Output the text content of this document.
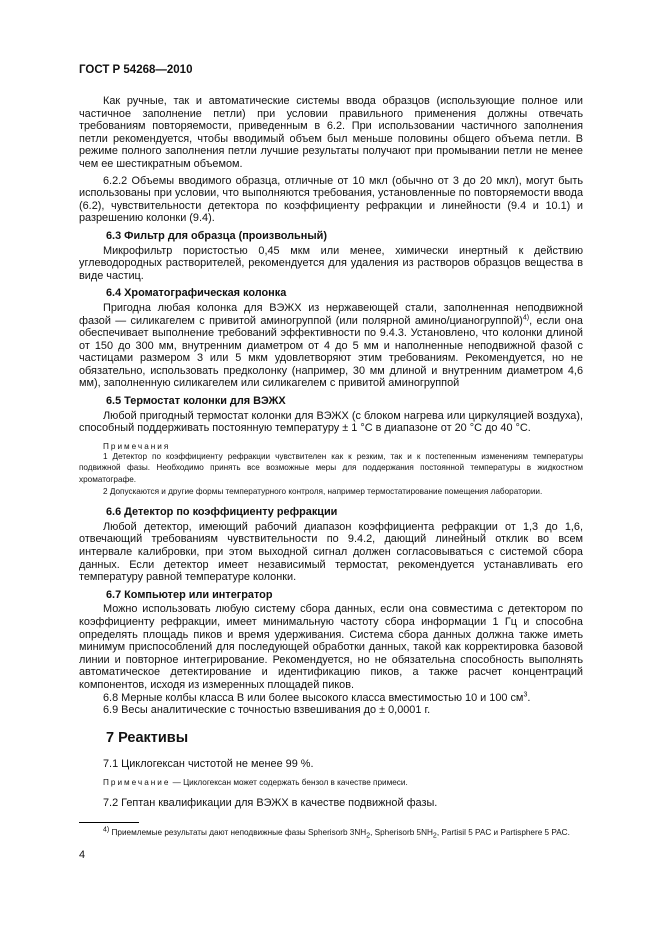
ГОСТ Р 54268—2010

Как ручные, так и автоматические системы ввода образцов (использующие полное или частичное заполнение петли) при условии правильного применения должны отвечать требованиям повторяемости, приведенным в 6.2. При использовании частичного заполнения петли рекомендуется, чтобы вводимый объем был меньше половины общего объема петли. В режиме полного заполнения петли лучшие результаты получают при промывании петли не менее чем ее шестикратным объемом.

6.2.2 Объемы вводимого образца, отличные от 10 мкл (обычно от 3 до 20 мкл), могут быть использованы при условии, что выполняются требования, установленные по повторяемости ввода (6.2), чувствительности детектора по коэффициенту рефракции и линейности (9.4 и 10.1) и разрешению колонки (9.4).

6.3 Фильтр для образца (произвольный)

Микрофильтр пористостью 0,45 мкм или менее, химически инертный к действию углеводородных растворителей, рекомендуется для удаления из растворов образцов вещества в виде частиц.

6.4 Хроматографическая колонка

Пригодна любая колонка для ВЭЖХ из нержавеющей стали, заполненная неподвижной фазой — силикагелем с привитой аминогруппой (или полярной амино/цианогруппой)$^{4)}$, если она обеспечивает выполнение требований эффективности по 9.4.3. Установлено, что колонки длиной от 150 до 300 мм, внутренним диаметром от 4 до 5 мм и наполненные неподвижной фазой с частицами размером 3 или 5 мкм удовлетворяют этим требованиям. Рекомендуется, но не обязательно, использовать предколонку (например, 30 мм длиной и внутренним диаметром 4,6 мм), заполненную силикагелем или силикагелем с привитой аминогруппой

6.5 Термостат колонки для ВЭЖХ

Любой пригодный термостат колонки для ВЭЖХ (с блоком нагрева или циркуляцией воздуха), способный поддерживать постоянную температуру ± 1 °С в диапазоне от 20 °С до 40 °С.

Примечания

1 Детектор по коэффициенту рефракции чувствителен как к резким, так и к постепенным изменениям температуры подвижной фазы. Необходимо принять все возможные меры для поддержания постоянной температуры в жидкостном хроматографе.

2 Допускаются и другие формы температурного контроля, например термостатирование помещения лаборатории.

6.6 Детектор по коэффициенту рефракции

Любой детектор, имеющий рабочий диапазон коэффициента рефракции от 1,3 до 1,6, отвечающий требованиям чувствительности по 9.4.2, дающий линейный отклик во всем интервале калибровки, при этом выходной сигнал должен согласовываться с системой сбора данных. Если детектор имеет независимый термостат, рекомендуется устанавливать его температуру равной температуре колонки.

6.7 Компьютер или интегратор

Можно использовать любую систему сбора данных, если она совместима с детектором по коэффициенту рефракции, имеет минимальную частоту сбора информации 1 Гц и способна определять площадь пиков и время удерживания. Система сбора данных должна также иметь минимум приспособлений для последующей обработки данных, такой как корректировка базовой линии и повторное интегрирование. Рекомендуется, но не обязательна способность выполнять автоматическое детектирование и идентификацию пиков, а также расчет концентраций компонентов, исходя из измеренных площадей пиков.

6.8 Мерные колбы класса В или более высокого класса вместимостью 10 и 100 $см^3$.

6.9 Весы аналитические с точностью взвешивания до ± 0,0001 г.

7 Реактивы

7.1 Циклогексан чистотой не менее 99 %.

Примечание — Циклогексан может содержать бензол в качестве примеси.

7.2 Гептан квалификации для ВЭЖХ в качестве подвижной фазы.

$^{4)}$ Приемлемые результаты дают неподвижные фазы Spherisorb $3NH_2$, Spherisorb $5NH_2$, Partisil 5 PAC и Partisphere 5 PAC.

4
